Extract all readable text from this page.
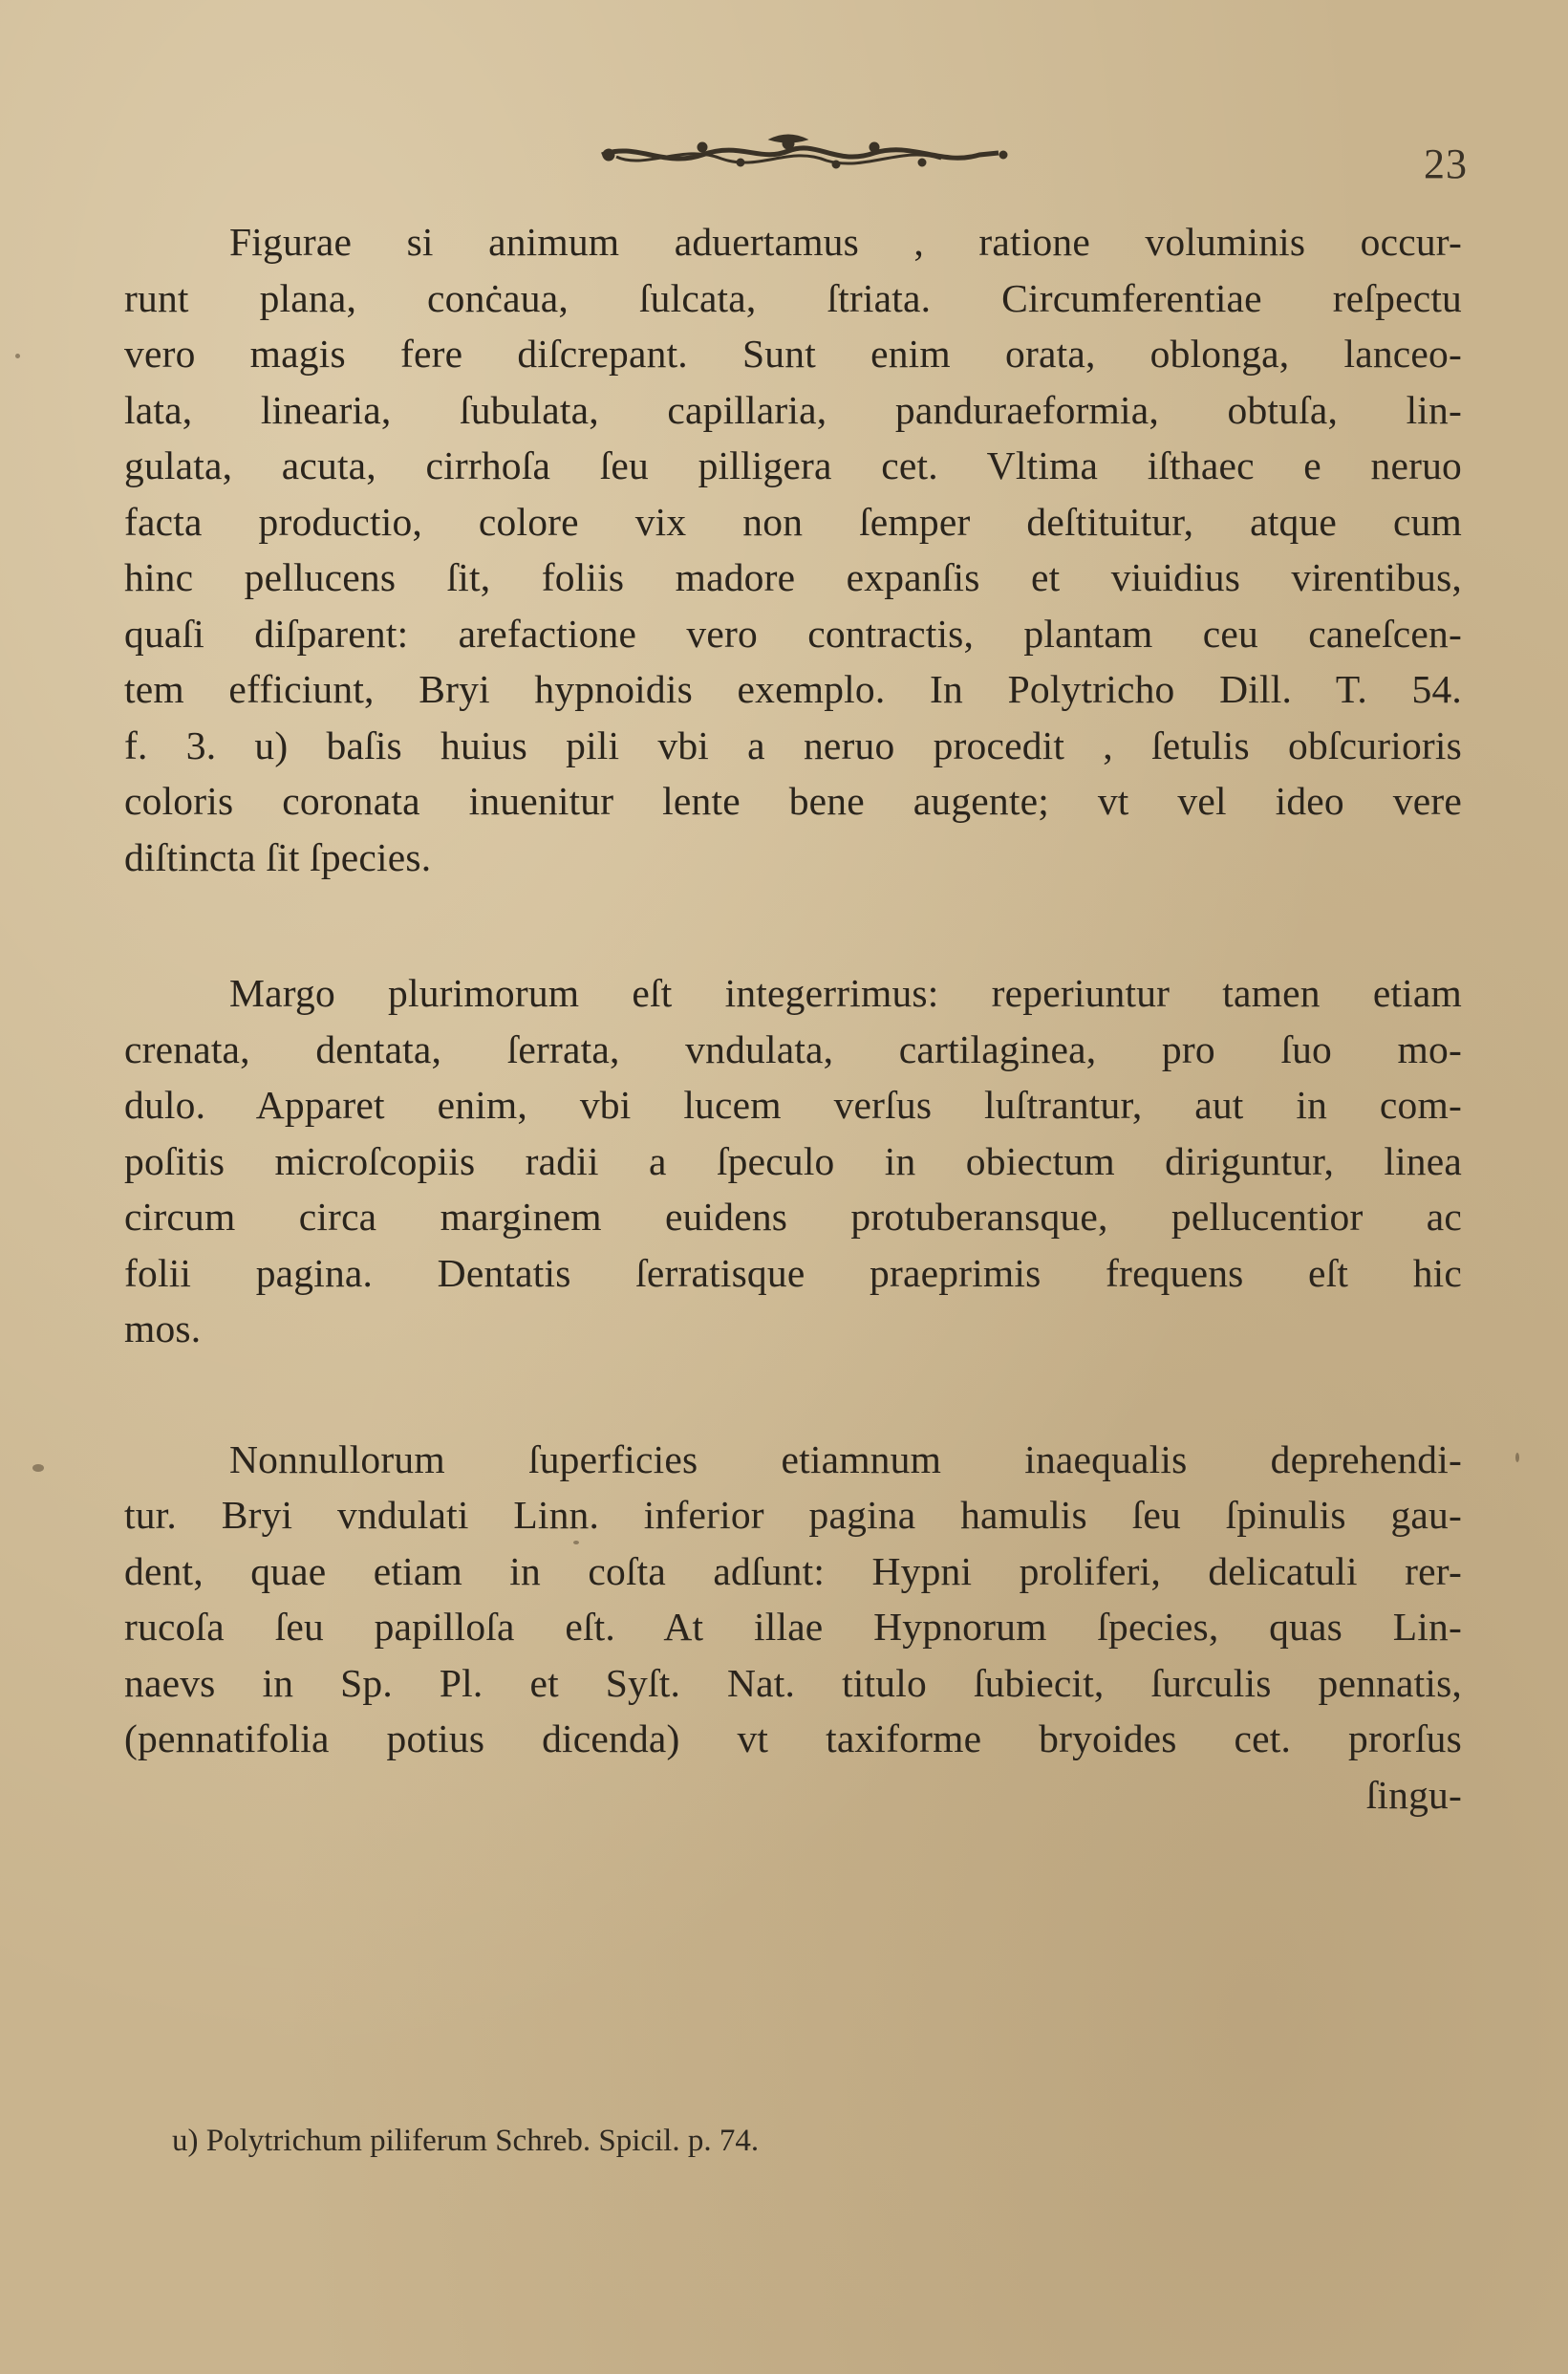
23

Figurae si animum aduertamus , ratione voluminis occur-
runt plana, conċaua, ſulcata, ſtriata. Circumferentiae reſpectu
vero magis fere diſcrepant. Sunt enim orata, oblonga, lanceo-
lata, linearia, ſubulata, capillaria, panduraeformia, obtuſa, lin-
gulata, acuta, cirrhoſa ſeu pilligera cet. Vltima iſthaec e neruo
facta productio, colore vix non ſemper deſtituitur, atque cum
hinc pellucens ſit, foliis madore expanſis et viuidius virentibus,
quaſi diſparent: arefactione vero contractis, plantam ceu caneſcen-
tem efficiunt, Bryi hypnoidis exemplo. In Polytricho Dill. T. 54.
f. 3. u) baſis huius pili vbi a neruo procedit , ſetulis obſcurioris
coloris coronata inuenitur lente bene augente; vt vel ideo vere
diſtincta ſit ſpecies.

Margo plurimorum eſt integerrimus: reperiuntur tamen etiam
crenata, dentata, ſerrata, vndulata, cartilaginea, pro ſuo mo-
dulo. Apparet enim, vbi lucem verſus luſtrantur, aut in com-
poſitis microſcopiis radii a ſpeculo in obiectum diriguntur, linea
circum circa marginem euidens protuberansque, pellucentior ac
folii pagina. Dentatis ſerratisque praeprimis frequens eſt hic
mos.

Nonnullorum ſuperficies etiamnum inaequalis deprehendi-
tur. Bryi vndulati Linn. inferior pagina hamulis ſeu ſpinulis gau-
dent, quae etiam in coſta adſunt: Hypni proliferi, delicatuli rer-
rucoſa ſeu papilloſa eſt. At illae Hypnorum ſpecies, quas Lin-
naevs in Sp. Pl. et Syſt. Nat. titulo ſubiecit, ſurculis pennatis,
(pennatifolia potius dicenda) vt taxiforme bryoides cet. prorſus
ſingu-

u) Polytrichum piliferum Schreb. Spicil. p. 74.
